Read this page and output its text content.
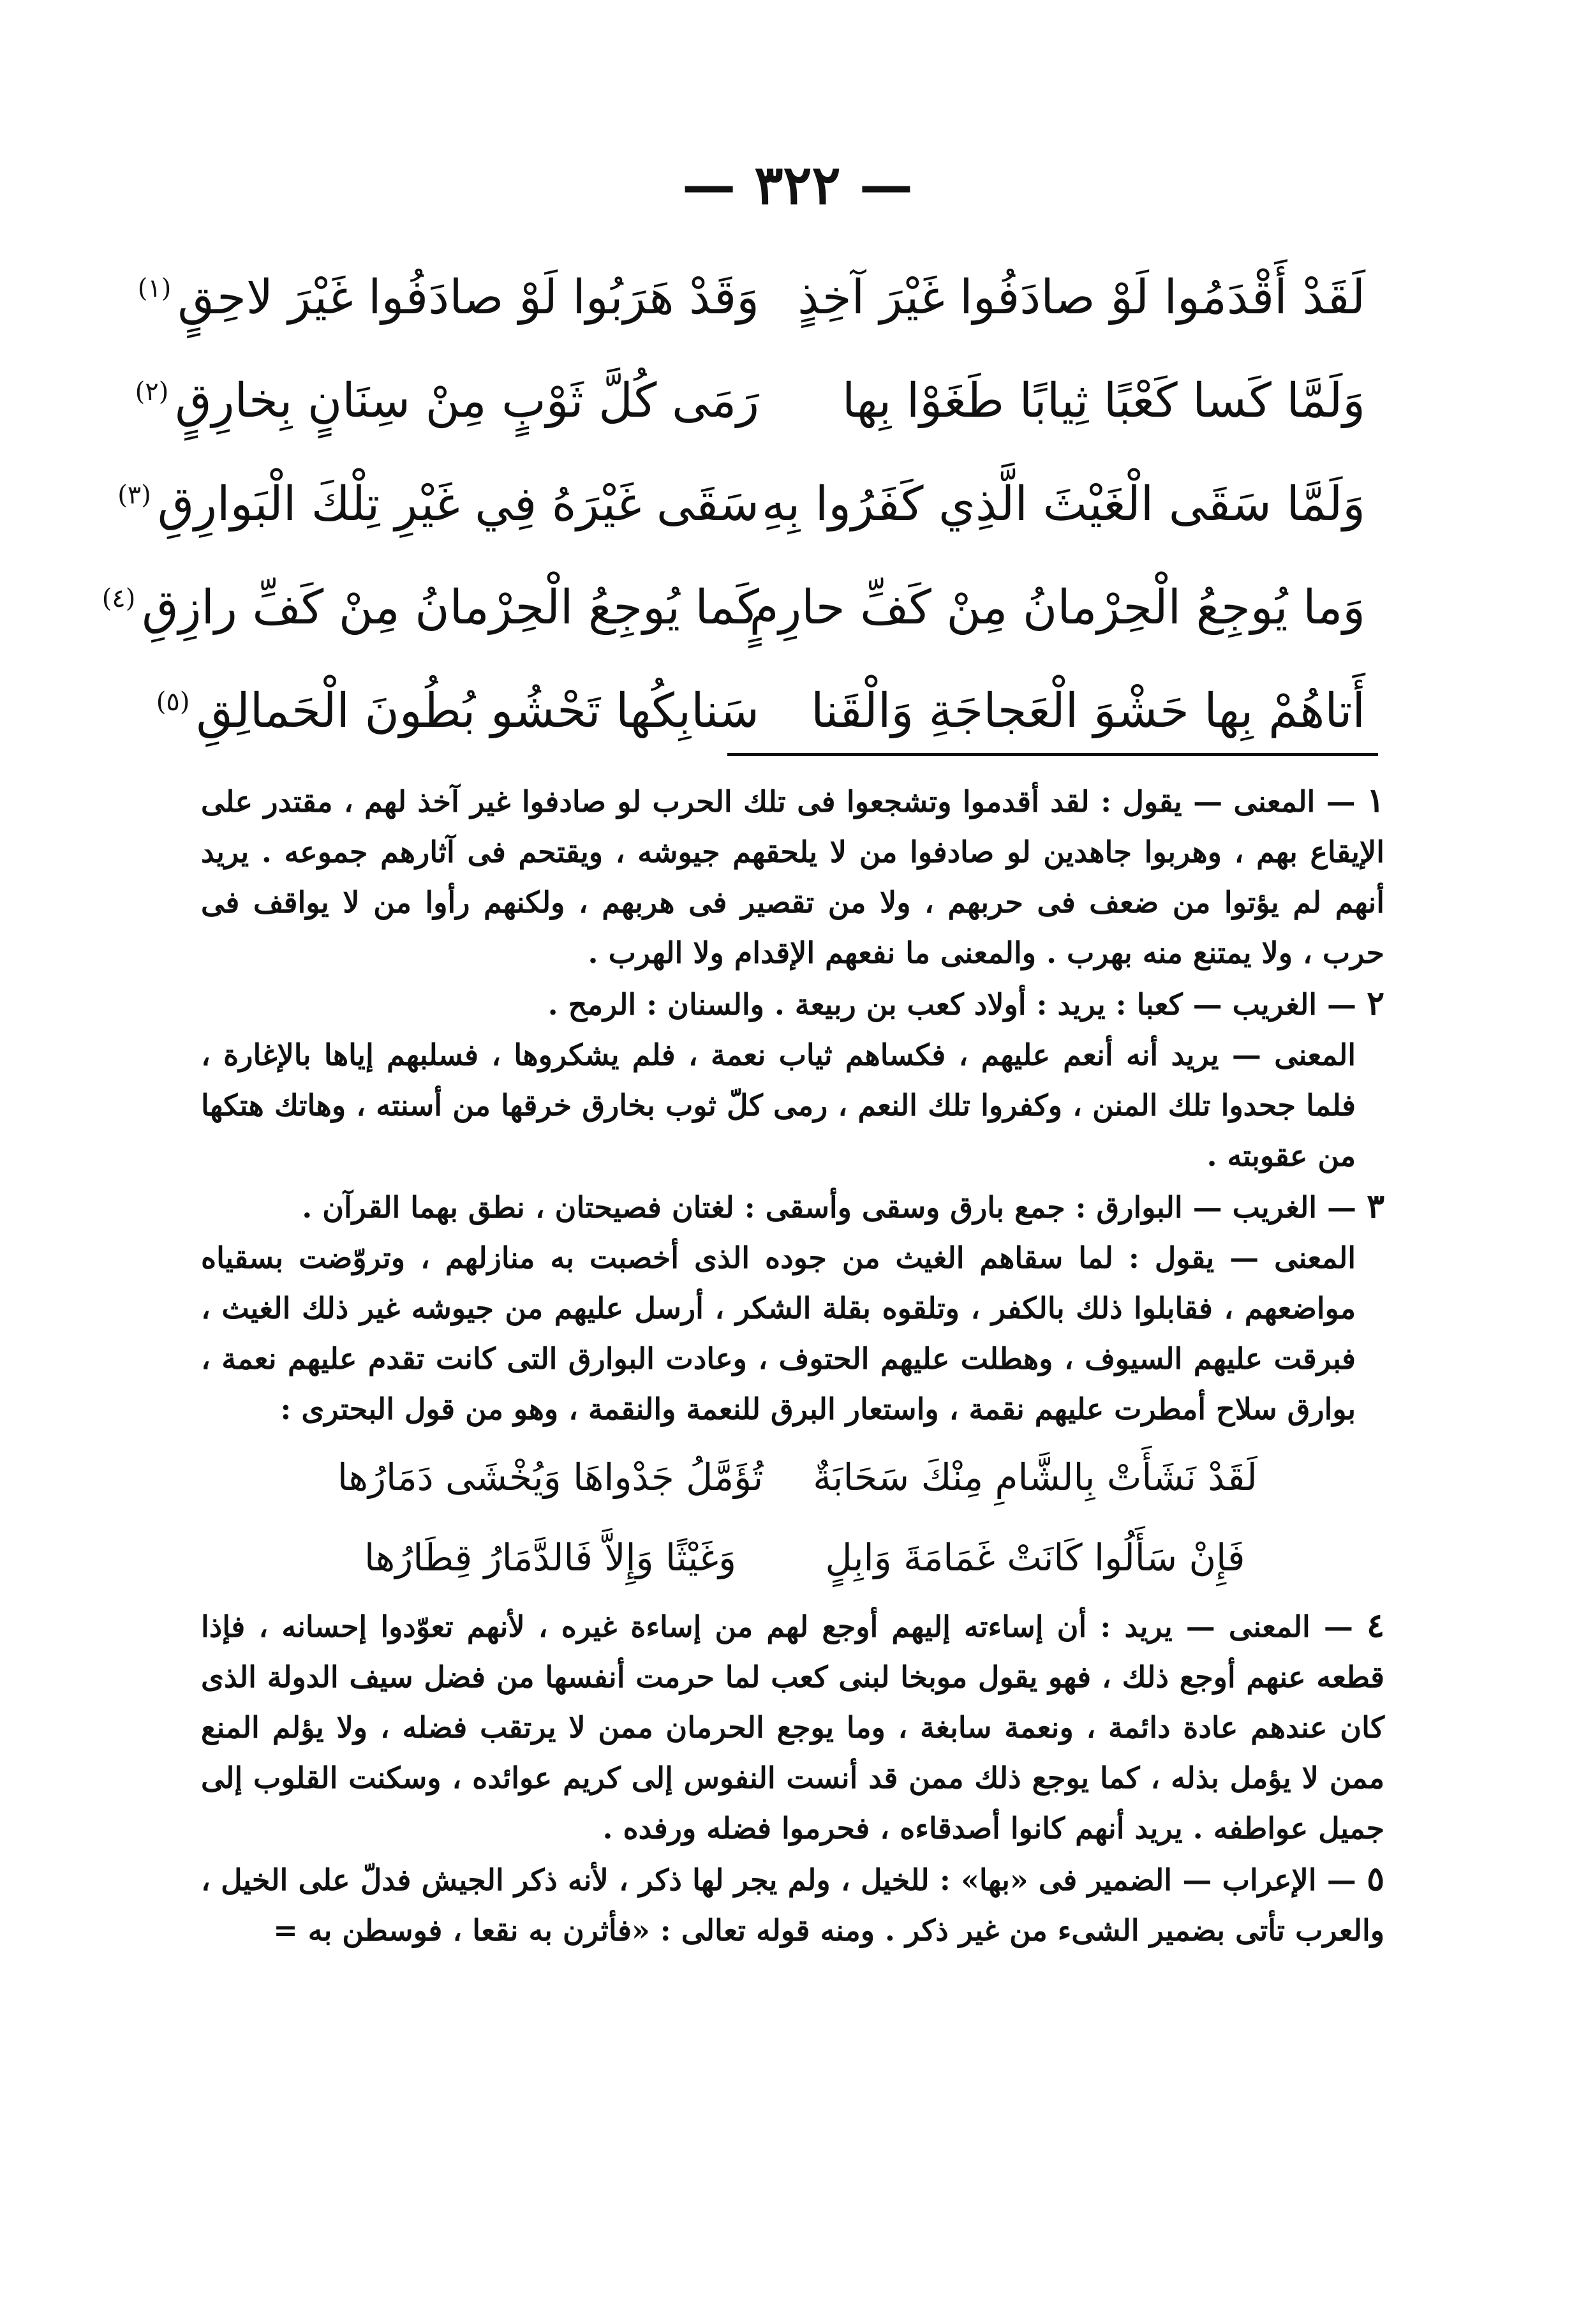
— ٣٢٢ —
لَقَدْ أَقْدَمُوا لَوْ صادَفُوا غَيْرَ آخِذٍ
وَقَدْ هَرَبُوا لَوْ صادَفُوا غَيْرَ لاحِقٍ$^{(١)}$
وَلَمَّا كَسا كَعْبًا ثِيابًا طَغَوْا بِها
رَمَى كُلَّ ثَوْبٍ مِنْ سِنَانٍ بِخارِقٍ$^{(٢)}$
وَلَمَّا سَقَى الْغَيْثَ الَّذِي كَفَرُوا بِهِ
سَقَى غَيْرَهُ فِي غَيْرِ تِلْكَ الْبَوارِقِ$^{(٣)}$
وَما يُوجِعُ الْحِرْمانُ مِنْ كَفِّ حارِمٍ
كَما يُوجِعُ الْحِرْمانُ مِنْ كَفِّ رازِقِ$^{(٤)}$
أَتاهُمْ بِها حَشْوَ الْعَجاجَةِ وَالْقَنا
سَنابِكُها تَحْشُو بُطُونَ الْحَمالِقِ$^{(٥)}$

١ — المعنى — يقول : لقد أقدموا وتشجعوا فى تلك الحرب لو صادفوا غير آخذ لهم ، مقتدر على الإيقاع بهم ، وهربوا جاهدين لو صادفوا من لا يلحقهم جيوشه ، ويقتحم فى آثارهم جموعه . يريد أنهم لم يؤتوا من ضعف فى حربهم ، ولا من تقصير فى هربهم ، ولكنهم رأوا من لا يواقف فى حرب ، ولا يمتنع منه بهرب . والمعنى ما نفعهم الإقدام ولا الهرب .

٢ — الغريب — كعبا : يريد : أولاد كعب بن ربيعة . والسنان : الرمح .

المعنى — يريد أنه أنعم عليهم ، فكساهم ثياب نعمة ، فلم يشكروها ، فسلبهم إياها بالإغارة ، فلما جحدوا تلك المنن ، وكفروا تلك النعم ، رمى كلّ ثوب بخارق خرقها من أسنته ، وهاتك هتكها من عقوبته .

٣ — الغريب — البوارق : جمع بارق وسقى وأسقى : لغتان فصيحتان ، نطق بهما القرآن .

المعنى — يقول : لما سقاهم الغيث من جوده الذى أخصبت به منازلهم ، وتروّضت بسقياه مواضعهم ، فقابلوا ذلك بالكفر ، وتلقوه بقلة الشكر ، أرسل عليهم من جيوشه غير ذلك الغيث ، فبرقت عليهم السيوف ، وهطلت عليهم الحتوف ، وعادت البوارق التى كانت تقدم عليهم نعمة ، بوارق سلاح أمطرت عليهم نقمة ، واستعار البرق للنعمة والنقمة ، وهو من قول البحترى :

لَقَدْ نَشَأَتْ بِالشَّامِ مِنْكَ سَحَابَةٌ
تُؤَمَّلُ جَدْواهَا وَيُخْشَى دَمَارُها
فَإِنْ سَأَلُوا كَانَتْ غَمَامَةَ وَابِلٍ
وَغَيْثًا وَإِلاَّ فَالدَّمَارُ قِطَارُها

٤ — المعنى — يريد : أن إساءته إليهم أوجع لهم من إساءة غيره ، لأنهم تعوّدوا إحسانه ، فإذا قطعه عنهم أوجع ذلك ، فهو يقول موبخا لبنى كعب لما حرمت أنفسها من فضل سيف الدولة الذى كان عندهم عادة دائمة ، ونعمة سابغة ، وما يوجع الحرمان ممن لا يرتقب فضله ، ولا يؤلم المنع ممن لا يؤمل بذله ، كما يوجع ذلك ممن قد أنست النفوس إلى كريم عوائده ، وسكنت القلوب إلى جميل عواطفه . يريد أنهم كانوا أصدقاءه ، فحرموا فضله ورفده .

٥ — الإعراب — الضمير فى «بها» : للخيل ، ولم يجر لها ذكر ، لأنه ذكر الجيش فدلّ على الخيل ، والعرب تأتى بضمير الشىء من غير ذكر . ومنه قوله تعالى : «فأثرن به نقعا ، فوسطن به =
